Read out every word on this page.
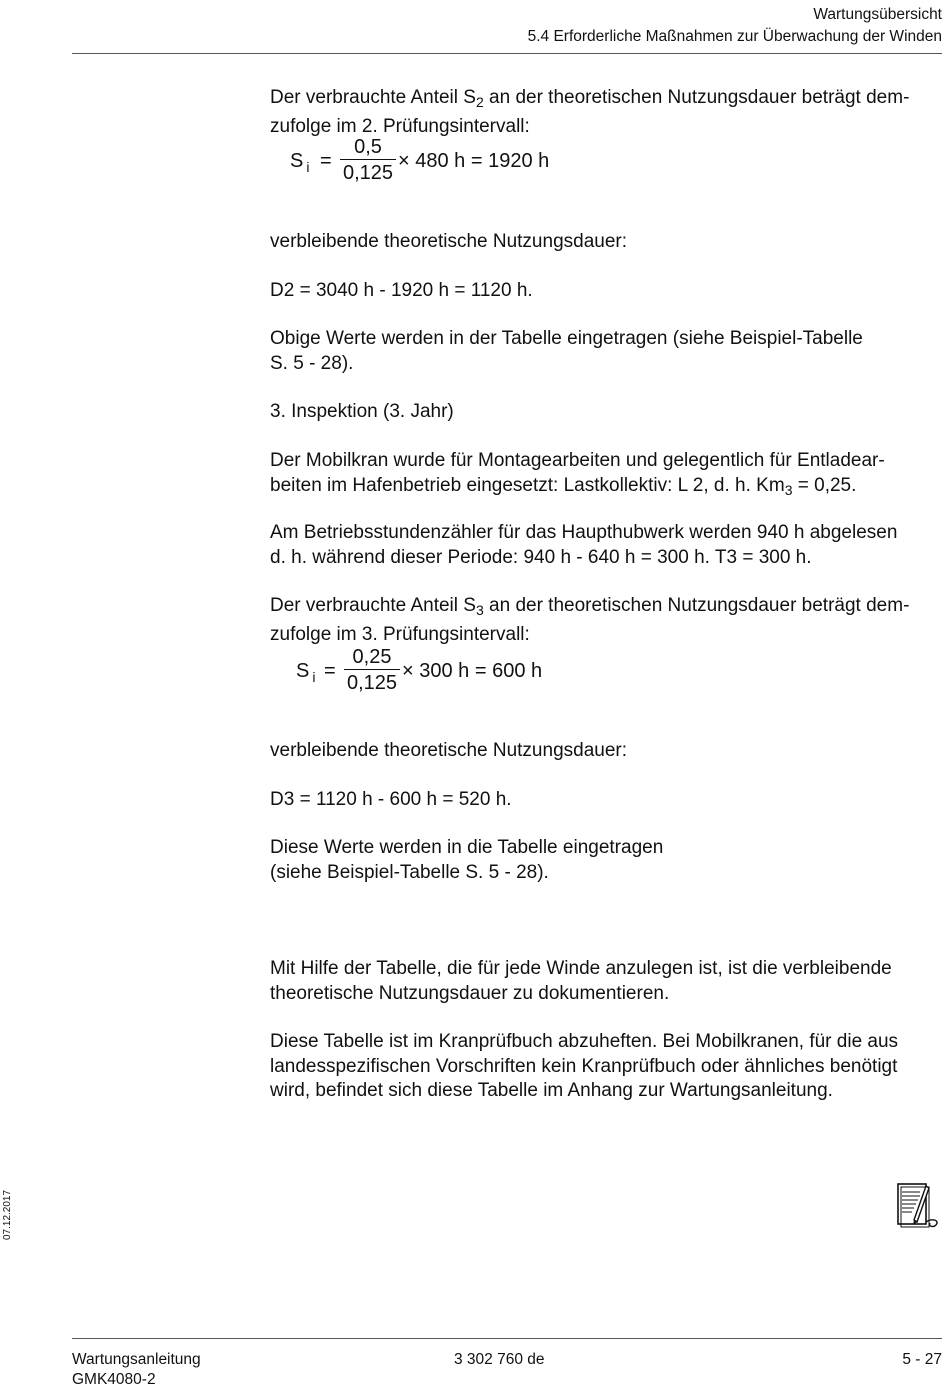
Wartungsübersicht
5.4 Erforderliche Maßnahmen zur Überwachung der Winden

Der verbrauchte Anteil $S_2$ an der theoretischen Nutzungsdauer beträgt dem-
zufolge im 2. Prüfungsintervall:

S $_i$ =
0,5
0,125
× 480 h = 1920 h

verbleibende theoretische Nutzungsdauer:

D2 = 3040 h - 1920 h = 1120 h.

Obige Werte werden in der Tabelle eingetragen (siehe Beispiel-Tabelle
S. 5 - 28).

3. Inspektion (3. Jahr)

Der Mobilkran wurde für Montagearbeiten und gelegentlich für Entladear-
beiten im Hafenbetrieb eingesetzt: Lastkollektiv: L 2, d. h. $Km_3 = 0,25$.

Am Betriebsstundenzähler für das Haupthubwerk werden 940 h abgelesen
d. h. während dieser Periode: 940 h - 640 h = 300 h. T3 = 300 h.

Der verbrauchte Anteil $S_3$ an der theoretischen Nutzungsdauer beträgt dem-
zufolge im 3. Prüfungsintervall:

S $_i$ =
0,25
0,125
× 300 h = 600 h

verbleibende theoretische Nutzungsdauer:

D3 = 1120 h - 600 h = 520 h.

Diese Werte werden in die Tabelle eingetragen
(siehe Beispiel-Tabelle S. 5 - 28).

Mit Hilfe der Tabelle, die für jede Winde anzulegen ist, ist die verbleibende
theoretische Nutzungsdauer zu dokumentieren.

Diese Tabelle ist im Kranprüfbuch abzuheften. Bei Mobilkranen, für die aus
landesspezifischen Vorschriften kein Kranprüfbuch oder ähnliches benötigt
wird, befindet sich diese Tabelle im Anhang zur Wartungsanleitung.

07.12.2017
Wartungsanleitung
GMK4080-2
3 302 760 de	5 - 27
